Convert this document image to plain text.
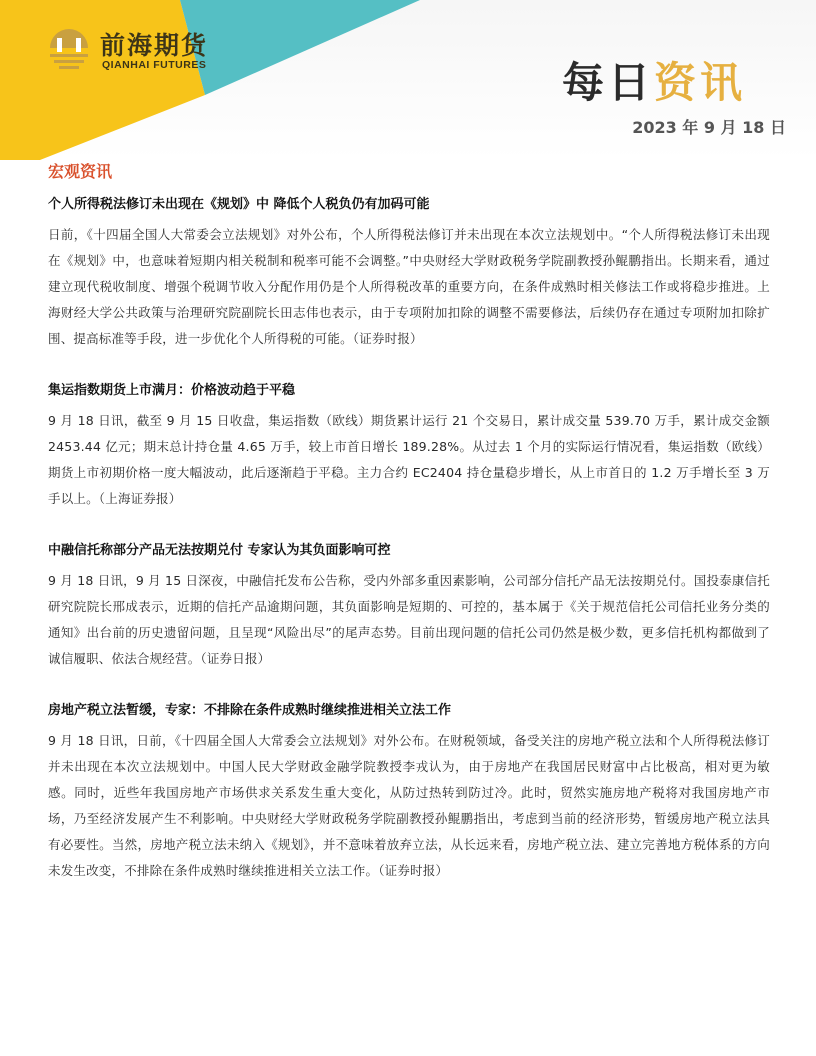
前海期货
QIANHAI FUTURES	每日资讯
2023 年 9 月 18 日
宏观资讯
个人所得税法修订未出现在《规划》中 降低个人税负仍有加码可能

日前，《十四届全国人大常委会立法规划》对外公布，个人所得税法修订并未出现在本次立法规划中。“个人所得税法修订未出现在《规划》中，也意味着短期内相关税制和税率可能不会调整。”中央财经大学财政税务学院副教授孙鲲鹏指出。长期来看，通过建立现代税收制度、增强个税调节收入分配作用仍是个人所得税改革的重要方向，在条件成熟时相关修法工作或将稳步推进。上海财经大学公共政策与治理研究院副院长田志伟也表示，由于专项附加扣除的调整不需要修法，后续仍存在通过专项附加扣除扩围、提高标准等手段，进一步优化个人所得税的可能。（证券时报）

集运指数期货上市满月：价格波动趋于平稳

9 月 18 日讯，截至 9 月 15 日收盘，集运指数（欧线）期货累计运行 21 个交易日，累计成交量 539.70 万手，累计成交金额 2453.44 亿元；期末总计持仓量 4.65 万手，较上市首日增长 189.28%。从过去 1 个月的实际运行情况看，集运指数（欧线）期货上市初期价格一度大幅波动，此后逐渐趋于平稳。主力合约 EC2404 持仓量稳步增长，从上市首日的 1.2 万手增长至 3 万手以上。（上海证券报）

中融信托称部分产品无法按期兑付 专家认为其负面影响可控

9 月 18 日讯，9 月 15 日深夜，中融信托发布公告称，受内外部多重因素影响，公司部分信托产品无法按期兑付。国投泰康信托研究院院长邢成表示，近期的信托产品逾期问题，其负面影响是短期的、可控的，基本属于《关于规范信托公司信托业务分类的通知》出台前的历史遗留问题，且呈现“风险出尽”的尾声态势。目前出现问题的信托公司仍然是极少数，更多信托机构都做到了诚信履职、依法合规经营。（证券日报）

房地产税立法暂缓，专家：不排除在条件成熟时继续推进相关立法工作

9 月 18 日讯，日前，《十四届全国人大常委会立法规划》对外公布。在财税领域，备受关注的房地产税立法和个人所得税法修订并未出现在本次立法规划中。中国人民大学财政金融学院教授李戎认为，由于房地产在我国居民财富中占比极高，相对更为敏感。同时，近些年我国房地产市场供求关系发生重大变化，从防过热转到防过冷。此时，贸然实施房地产税将对我国房地产市场，乃至经济发展产生不利影响。中央财经大学财政税务学院副教授孙鲲鹏指出，考虑到当前的经济形势，暂缓房地产税立法具有必要性。当然，房地产税立法未纳入《规划》，并不意味着放弃立法，从长远来看，房地产税立法、建立完善地方税体系的方向未发生改变，不排除在条件成熟时继续推进相关立法工作。（证券时报）
